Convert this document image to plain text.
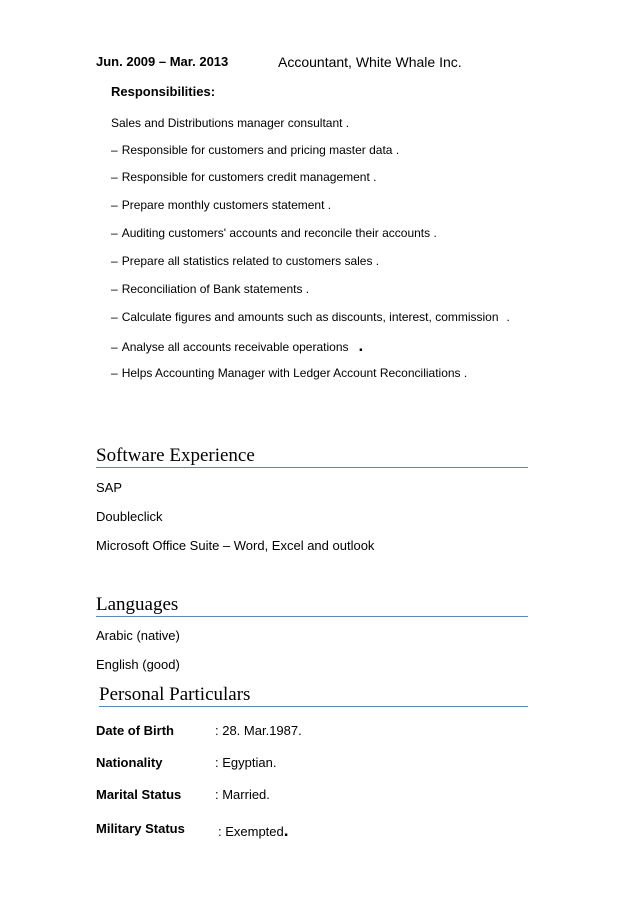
Jun. 2009 – Mar. 2013	Accountant, White Whale Inc.
Responsibilities:
Sales and Distributions manager consultant .
– Responsible for customers and pricing master data .
– Responsible for customers credit management .
– Prepare monthly customers statement .
– Auditing customers' accounts and reconcile their accounts .
– Prepare all statistics related to customers sales .
– Reconciliation of Bank statements .
– Calculate figures and amounts such as discounts, interest, commission .
– Analyse all accounts receivable operations .
– Helps Accounting Manager with Ledger Account Reconciliations .
Software Experience
SAP
Doubleclick
Microsoft Office Suite – Word, Excel and outlook
Languages
Arabic (native)
English (good)
Personal Particulars
Date of Birth	: 28. Mar.1987.
Nationality	: Egyptian.
Marital Status	: Married.
Military Status	: Exempted.
